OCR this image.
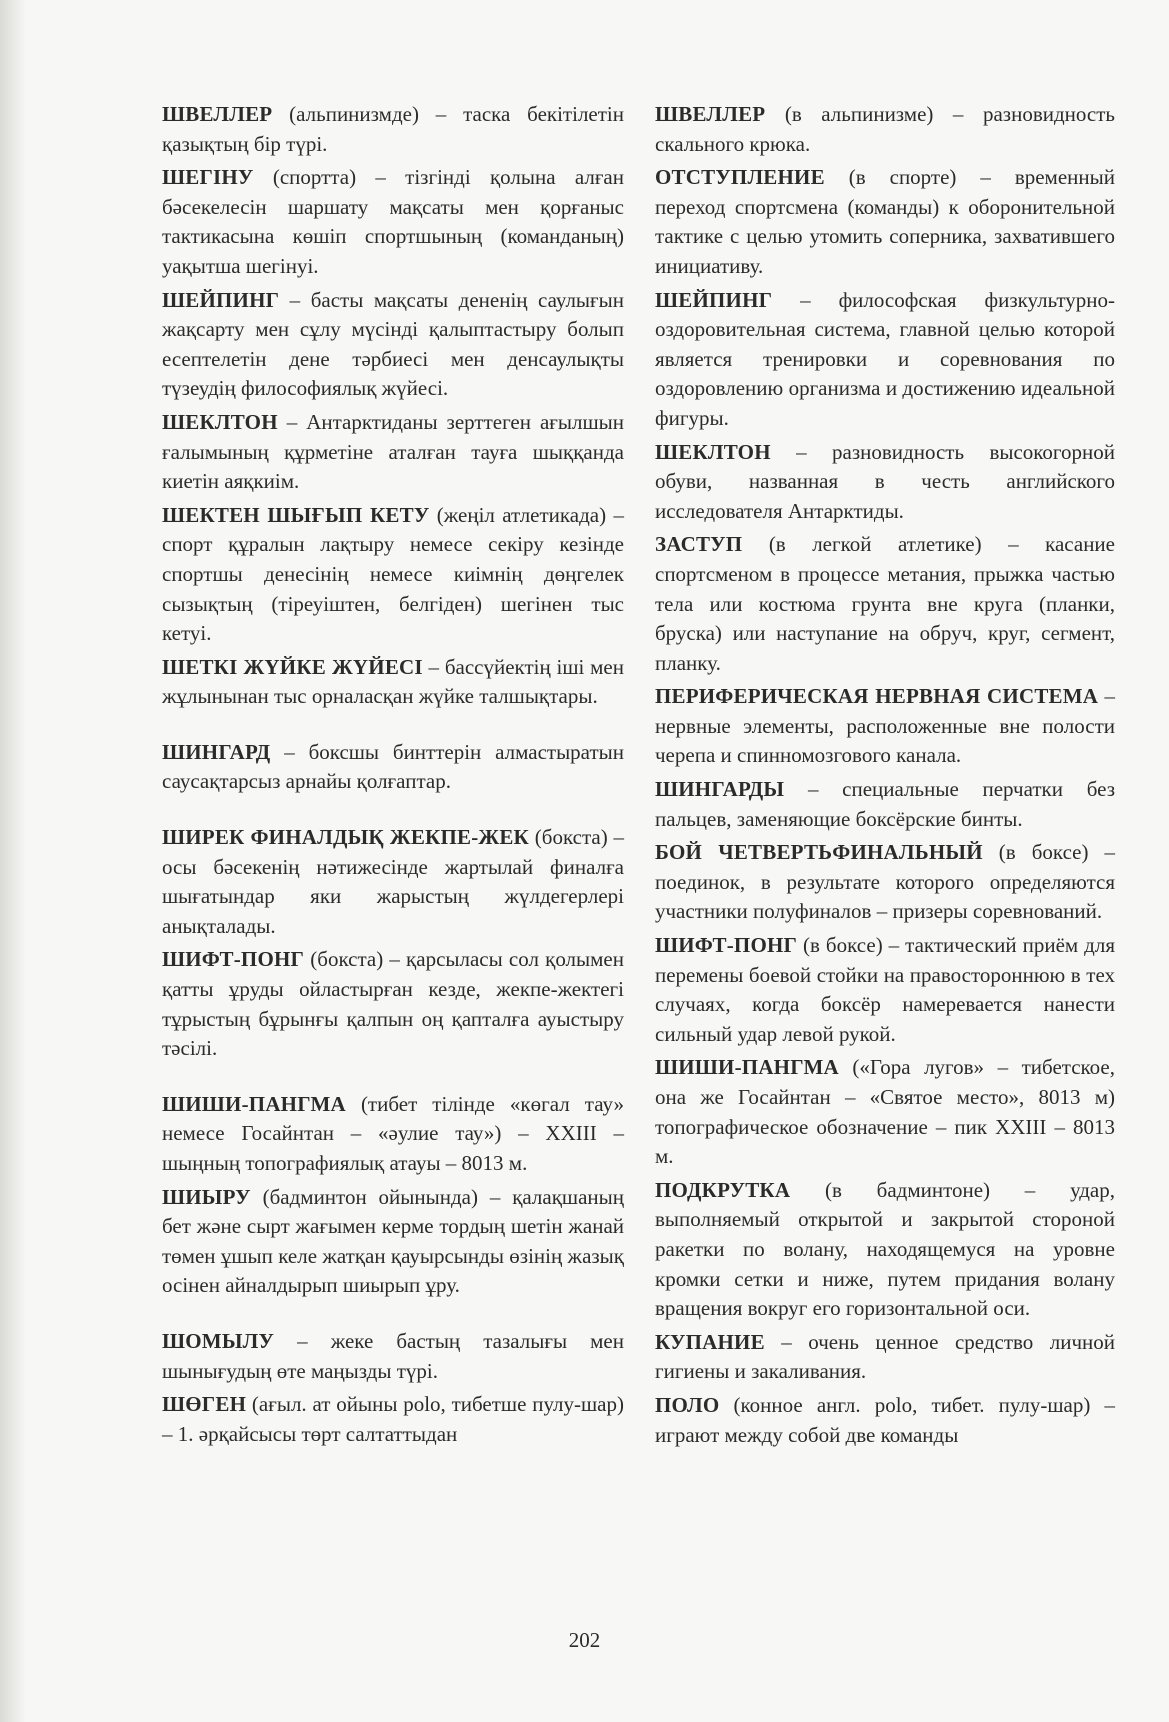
ШВЕЛЛЕР (альпинизмде) – таска бекітілетін қазықтың бір түрі.

ШЕГІНУ (спортта) – тізгінді қолына алған бәсекелесін шаршату мақсаты мен қорғаныс тактикасына көшіп спортшының (команданың) уақытша шегінуі.

ШЕЙПИНГ – басты мақсаты дененің саулығын жақсарту мен сұлу мүсінді қалыптастыру болып есептелетін дене тәрбиесі мен денсаулықты түзеудің философиялық жүйесі.

ШЕКЛТОН – Антарктиданы зерттеген ағылшын ғалымының құрметіне аталған тауға шыққанда киетін аяқкиім.

ШЕКТЕН ШЫҒЫП КЕТУ (жеңіл атлетикада) – спорт құралын лақтыру немесе секіру кезінде спортшы денесінің немесе киімнің дөңгелек сызықтың (тіреуіштен, белгіден) шегінен тыс кетуі.

ШЕТКІ ЖҮЙКЕ ЖҮЙЕСІ – бассүйектің іші мен жұлынынан тыс орналасқан жүйке талшықтары.

ШИНГАРД – боксшы бинттерін алмастыратын саусақтарсыз арнайы қолғаптар.

ШИРЕК ФИНАЛДЫҚ ЖЕКПЕ-ЖЕК (бокста) – осы бәсекенің нәтижесінде жартылай финалға шығатындар яки жарыстың жүлдегерлері анықталады.

ШИФТ-ПОНГ (бокста) – қарсыласы сол қолымен қатты ұруды ойластырған кезде, жекпе-жектегі тұрыстың бұрынғы қалпын оң қапталға ауыстыру тәсілі.

ШИШИ-ПАНГМА (тибет тілінде «көгал тау» немесе Госайнтан – «әулие тау») – XXIII – шыңның топографиялық атауы – 8013 м.

ШИЫРУ (бадминтон ойынында) – қалақшаның бет және сырт жағымен керме тордың шетін жанай төмен ұшып келе жатқан қауырсынды өзінің жазық осінен айналдырып шиырып ұру.

ШОМЫЛУ – жеке бастың тазалығы мен шынығудың өте маңызды түрі.

ШӨГЕН (ағыл. ат ойыны polo, тибетше пулу-шар) – 1. әрқайсысы төрт салтаттыдан

ШВЕЛЛЕР (в альпинизме) – разновидность скального крюка.

ОТСТУПЛЕНИЕ (в спорте) – временный переход спортсмена (команды) к оборонительной тактике с целью утомить соперника, захватившего инициативу.

ШЕЙПИНГ – философская физкультурно-оздоровительная система, главной целью которой является тренировки и соревнования по оздоровлению организма и достижению идеальной фигуры.

ШЕКЛТОН – разновидность высокогорной обуви, названная в честь английского исследователя Антарктиды.

ЗАСТУП (в легкой атлетике) – касание спортсменом в процессе метания, прыжка частью тела или костюма грунта вне круга (планки, бруска) или наступание на обруч, круг, сегмент, планку.

ПЕРИФЕРИЧЕСКАЯ НЕРВНАЯ СИСТЕМА – нервные элементы, расположенные вне полости черепа и спинномозгового канала.

ШИНГАРДЫ – специальные перчатки без пальцев, заменяющие боксёрские бинты.

БОЙ ЧЕТВЕРТЬФИНАЛЬНЫЙ (в боксе) – поединок, в результате которого определяются участники полуфиналов – призеры соревнований.

ШИФТ-ПОНГ (в боксе) – тактический приём для перемены боевой стойки на правостороннюю в тех случаях, когда боксёр намеревается нанести сильный удар левой рукой.

ШИШИ-ПАНГМА («Гора лугов» – тибетское, она же Госайнтан – «Святое место», 8013 м) топографическое обозначение – пик XXIII – 8013 м.

ПОДКРУТКА (в бадминтоне) – удар, выполняемый открытой и закрытой стороной ракетки по волану, находящемуся на уровне кромки сетки и ниже, путем придания волану вращения вокруг его горизонтальной оси.

КУПАНИЕ – очень ценное средство личной гигиены и закаливания.

ПОЛО (конное англ. polo, тибет. пулу-шар) – играют между собой две команды

202
